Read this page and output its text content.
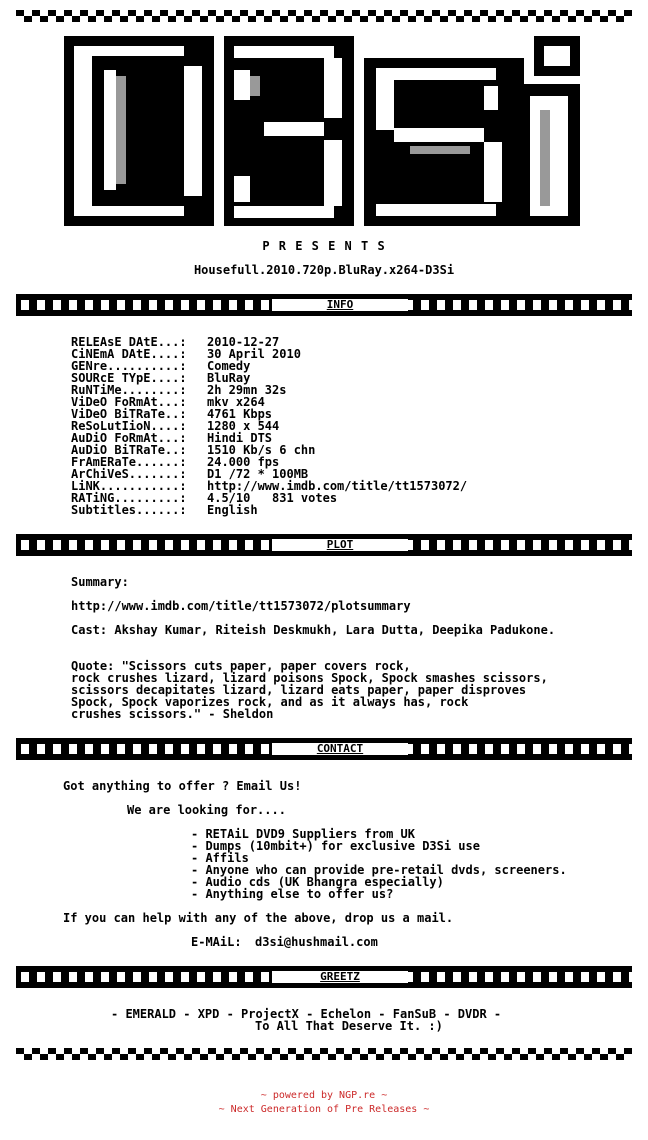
P R E S E N T S
Housefull.2010.720p.BluRay.x264-D3Si
INFO
RELEAsE DAtE...: 2010-12-27
CiNEmA DAtE....: 30 April 2010
GENre..........: Comedy
SOURcE TYpE....: BluRay
RuNTiMe........: 2h 29mn 32s
ViDeO FoRmAt...: mkv x264
ViDeO BiTRaTe..: 4761 Kbps
ReSoLutIioN....: 1280 x 544
AuDiO FoRmAt...: Hindi DTS
AuDiO BiTRaTe..: 1510 Kb/s 6 chn
FrAmERaTe......: 24.000 fps
ArChiVeS.......: D1 /72 * 100MB
LiNK...........: http://www.imdb.com/title/tt1573072/
RATiNG.........: 4.5/10   831 votes
Subtitles......: English
PLOT
Summary:
http://www.imdb.com/title/tt1573072/plotsummary
Cast: Akshay Kumar, Riteish Deskmukh, Lara Dutta, Deepika Padukone.
Quote: "Scissors cuts paper, paper covers rock,
rock crushes lizard, lizard poisons Spock, Spock smashes scissors,
scissors decapitates lizard, lizard eats paper, paper disproves
Spock, Spock vaporizes rock, and as it always has, rock
crushes scissors." - Sheldon
CONTACT
Got anything to offer ? Email Us!
We are looking for....
- RETAiL DVD9 Suppliers from UK
- Dumps (10mbit+) for exclusive D3Si use
- Affils
- Anyone who can provide pre-retail dvds, screeners.
- Audio cds (UK Bhangra especially)
- Anything else to offer us?
If you can help with any of the above, drop us a mail.
E-MAiL: d3si@hushmail.com
GREETZ
- EMERALD - XPD - ProjectX - Echelon - FanSuB - DVDR -
To All That Deserve It. :)
~ powered by NGP.re ~
~ Next Generation of Pre Releases ~
